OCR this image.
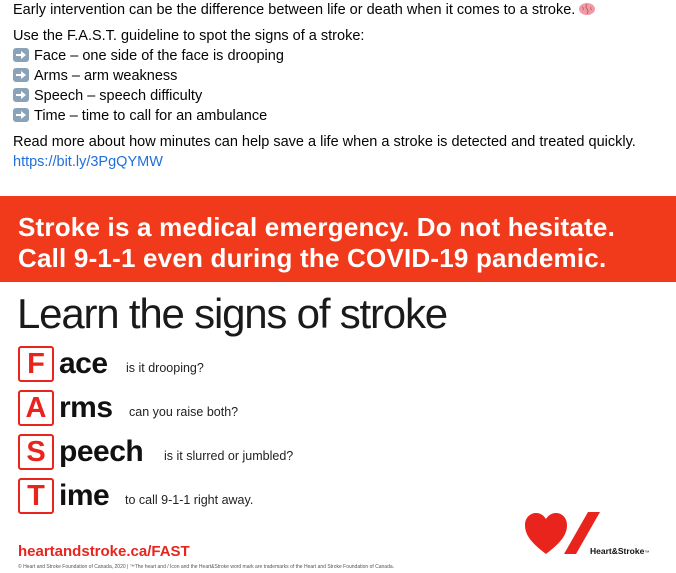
Early intervention can be the difference between life or death when it comes to a stroke.
Use the F.A.S.T. guideline to spot the signs of a stroke:
Face – one side of the face is drooping
Arms – arm weakness
Speech – speech difficulty
Time – time to call for an ambulance
Read more about how minutes can help save a life when a stroke is detected and treated quickly.
https://bit.ly/3PgQYMW
Stroke is a medical emergency. Do not hesitate.
Call 9-1-1 even during the COVID-19 pandemic.
Learn the signs of stroke
F ace is it drooping?
A rms can you raise both?
S peech is it slurred or jumbled?
T ime to call 9-1-1 right away.
heartandstroke.ca/FAST
© Heart and Stroke Foundation of Canada, 2020 | ™The heart and / Icon and the Heart&Stroke word mark are trademarks of the Heart and Stroke Foundation of Canada.
Heart&Stroke™
